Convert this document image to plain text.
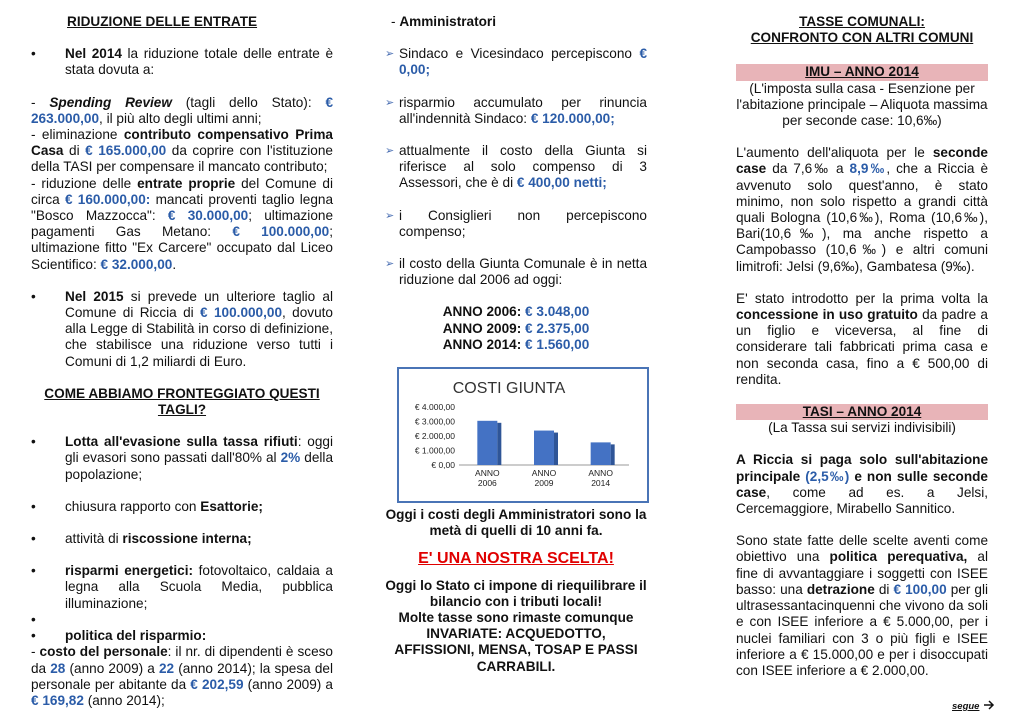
RIDUZIONE DELLE ENTRATE
• Nel 2014 la riduzione totale delle entrate è stata dovuta a:

- Spending Review (tagli dello Stato): € 263.000,00, il più alto degli ultimi anni;

- eliminazione contributo compensativo Prima Casa di € 165.000,00 da coprire con l'istituzione della TASI per compensare il mancato contributo;

- riduzione delle entrate proprie del Comune di circa € 160.000,00: mancati proventi taglio legna "Bosco Mazzocca": € 30.000,00; ultimazione pagamenti Gas Metano: € 100.000,00; ultimazione fitto "Ex Carcere" occupato dal Liceo Scientifico: € 32.000,00.

• Nel 2015 si prevede un ulteriore taglio al Comune di Riccia di € 100.000,00, dovuto alla Legge di Stabilità in corso di definizione, che stabilisce una riduzione verso tutti i Comuni di 1,2 miliardi di Euro.
COME ABBIAMO FRONTEGGIATO QUESTI TAGLI?
• Lotta all'evasione sulla tassa rifiuti: oggi gli evasori sono passati dall'80% al 2% della popolazione;
• chiusura rapporto con Esattorie;
• attività di riscossione interna;
• risparmi energetici: fotovoltaico, caldaia a legna alla Scuola Media, pubblica illuminazione;
•

• politica del risparmio:

- costo del personale: il nr. di dipendenti è sceso da 28 (anno 2009) a 22 (anno 2014); la spesa del personale per abitante da € 202,59 (anno 2009) a € 169,82 (anno 2014);

- Amministratori
➢ Sindaco e Vicesindaco percepiscono € 0,00;
➢ risparmio accumulato per rinuncia all'indennità Sindaco: € 120.000,00;
➢ attualmente il costo della Giunta si riferisce al solo compenso di 3 Assessori, che è di € 400,00 netti;
➢ i Consiglieri non percepiscono compenso;
➢ il costo della Giunta Comunale è in netta riduzione dal 2006 ad oggi:
ANNO 2006: € 3.048,00
ANNO 2009: € 2.375,00
ANNO 2014: € 1.560,00
COSTI GIUNTA
€ 4.000,00
€ 3.000,00
€ 2.000,00
€ 1.000,00
€ 0,00
ANNO
2006
ANNO
2009
ANNO
2014
Oggi i costi degli Amministratori sono la metà di quelli di 10 anni fa.
E' UNA NOSTRA SCELTA!
Oggi lo Stato ci impone di riequilibrare il bilancio con i tributi locali!
Molte tasse sono rimaste comunque INVARIATE: ACQUEDOTTO, AFFISSIONI, MENSA, TOSAP E PASSI CARRABILI.
TASSE COMUNALI:
CONFRONTO CON ALTRI COMUNI
IMU – ANNO 2014
(L'imposta sulla casa - Esenzione per l'abitazione principale – Aliquota massima per seconde case: 10,6‰)

L'aumento dell'aliquota per le seconde case da 7,6‰ a 8,9‰, che a Riccia è avvenuto solo quest'anno, è stato minimo, non solo rispetto a grandi città quali Bologna (10,6‰), Roma (10,6‰), Bari(10,6‰), ma anche rispetto a Campobasso (10,6‰) e altri comuni limitrofi: Jelsi (9,6‰), Gambatesa (9‰).

E' stato introdotto per la prima volta la concessione in uso gratuito da padre a un figlio e viceversa, al fine di considerare tali fabbricati prima casa e non seconda casa, fino a € 500,00 di rendita.

TASI – ANNO 2014
(La Tassa sui servizi indivisibili)

A Riccia si paga solo sull'abitazione principale (2,5‰) e non sulle seconde case, come ad es. a Jelsi, Cercemaggiore, Mirabello Sannitico.

Sono state fatte delle scelte aventi come obiettivo una politica perequativa, al fine di avvantaggiare i soggetti con ISEE basso: una detrazione di € 100,00 per gli ultrasessantacinquenni che vivono da soli e con ISEE inferiore a € 5.000,00, per i nuclei familiari con 3 o più figli e ISEE inferiore a € 15.000,00 e per i disoccupati con ISEE inferiore a € 2.000,00.

segue
